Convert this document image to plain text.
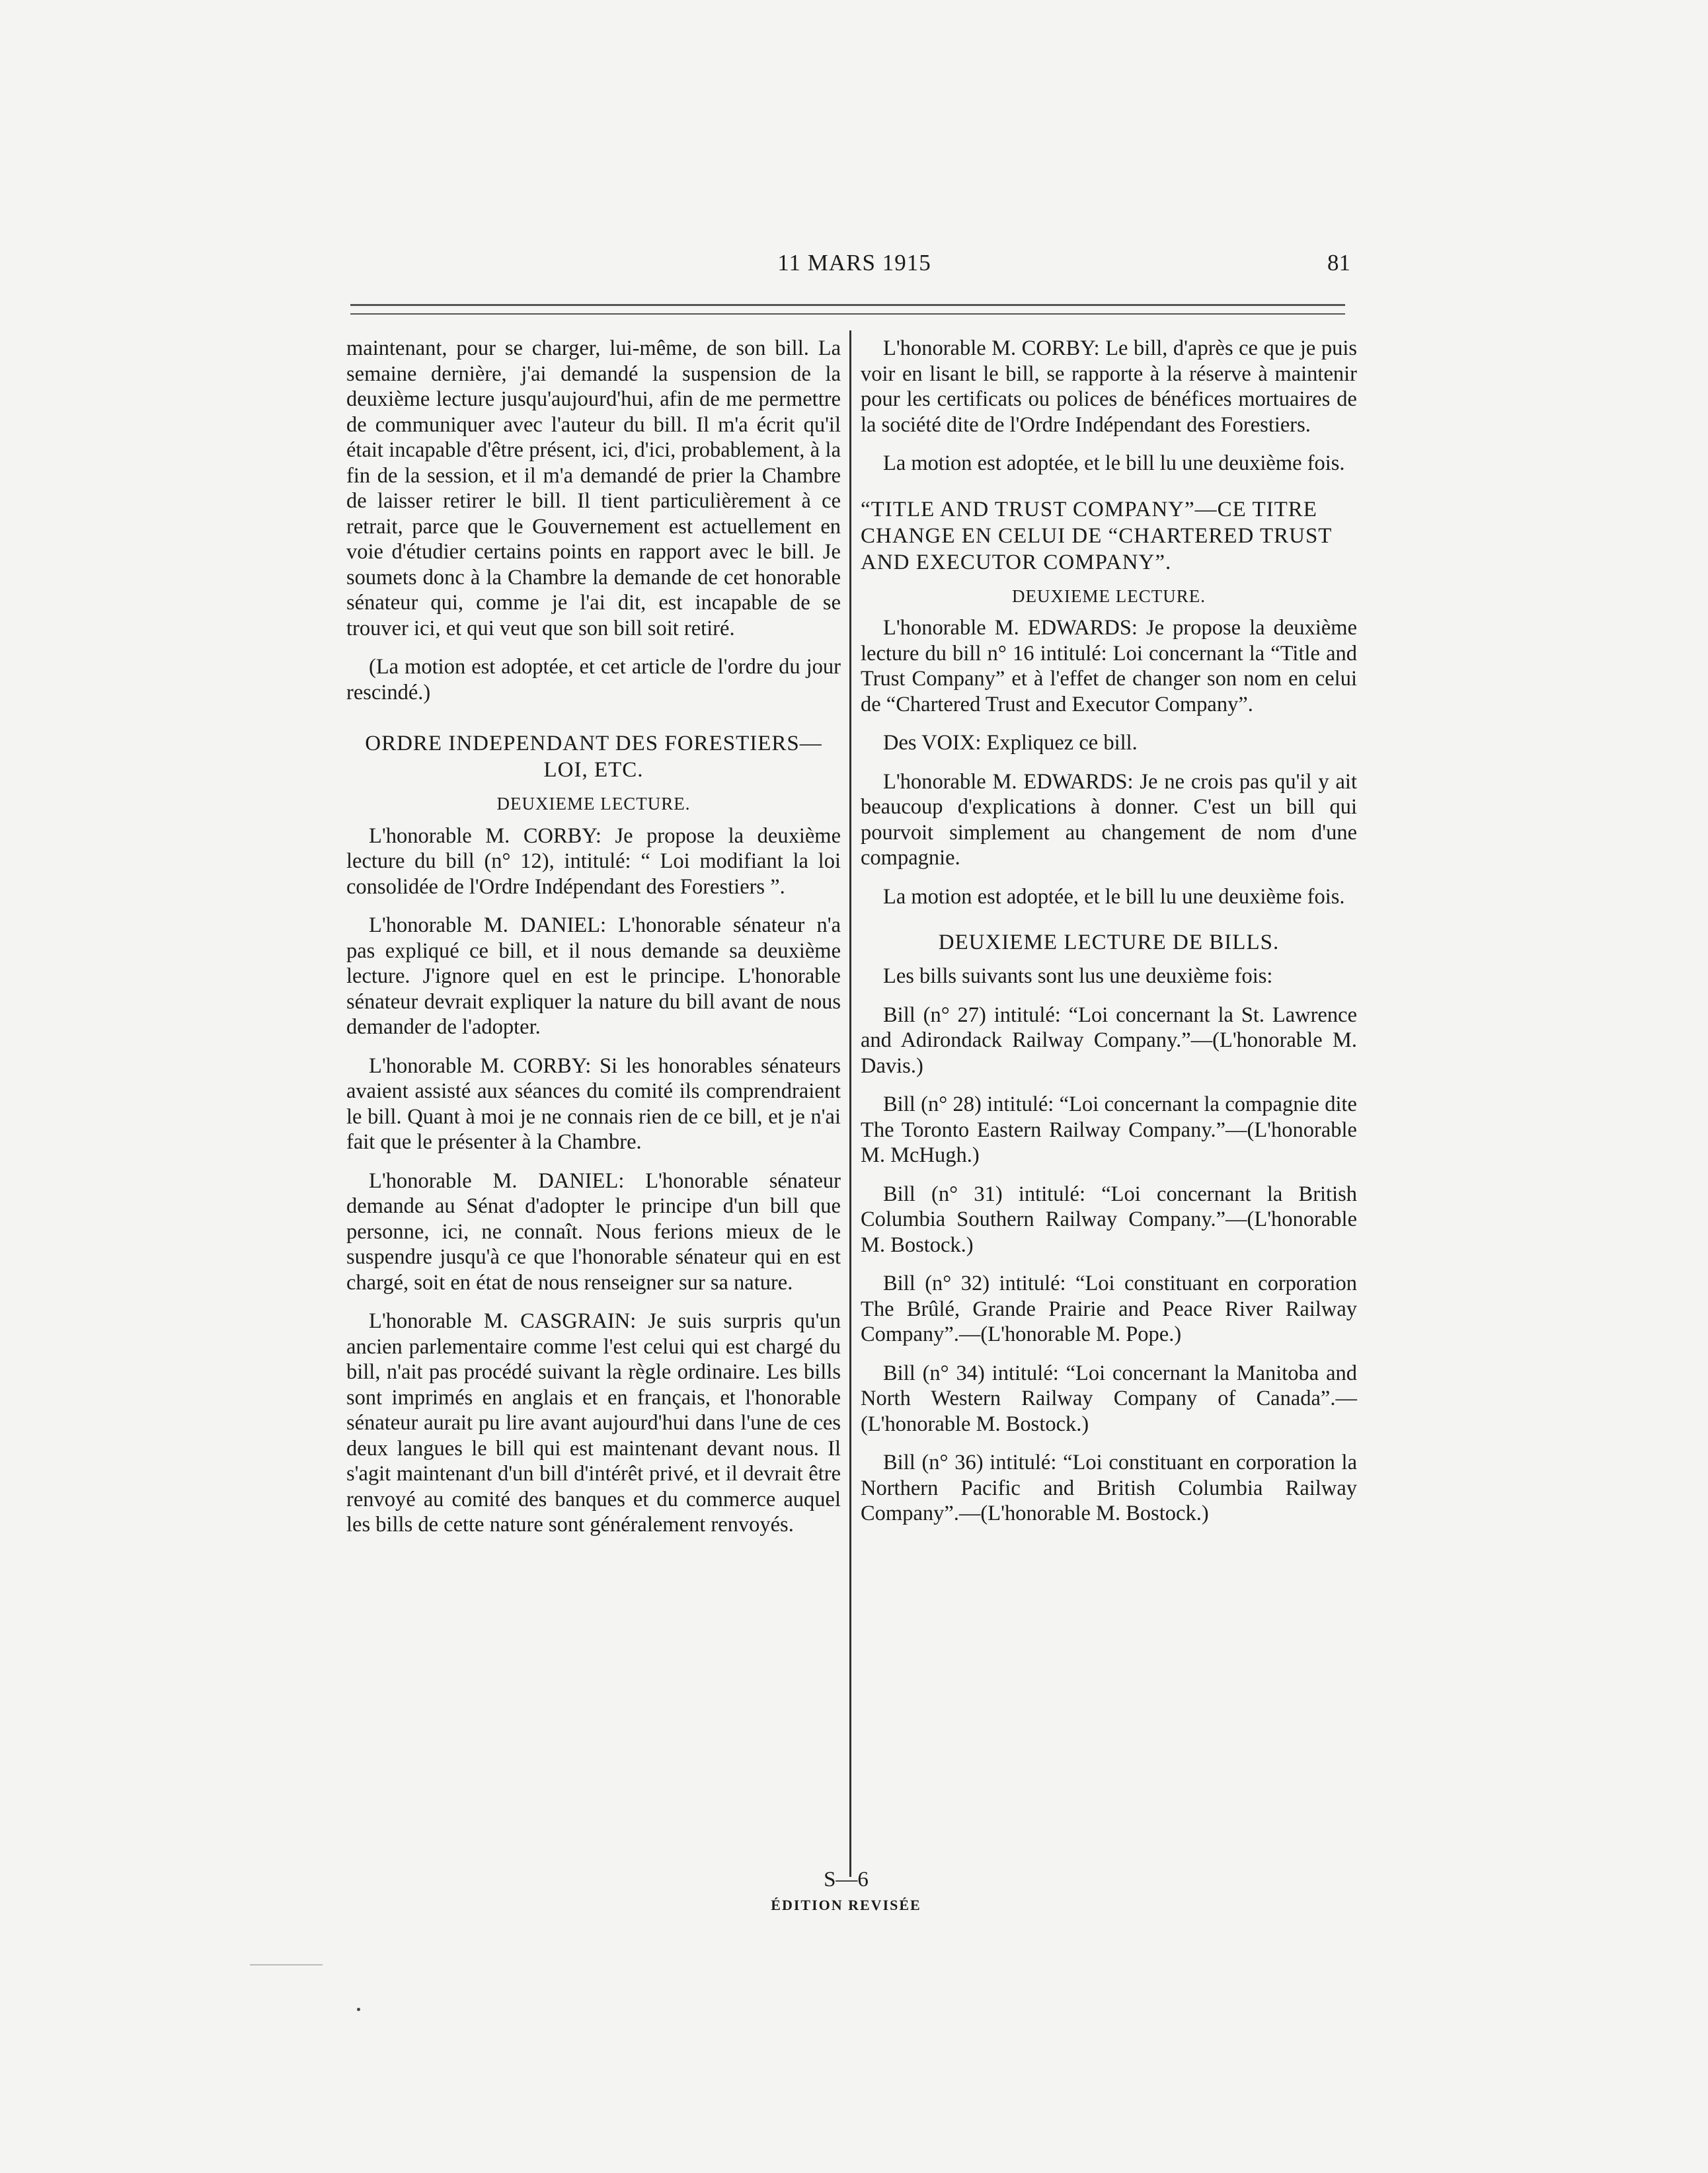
11 MARS 1915	81

maintenant, pour se charger, lui-même, de son bill. La semaine dernière, j'ai demandé la suspension de la deuxième lecture jusqu'aujourd'hui, afin de me permettre de communiquer avec l'auteur du bill. Il m'a écrit qu'il était incapable d'être présent, ici, d'ici, probablement, à la fin de la session, et il m'a demandé de prier la Chambre de laisser retirer le bill. Il tient particulièrement à ce retrait, parce que le Gouvernement est actuellement en voie d'étudier certains points en rapport avec le bill. Je soumets donc à la Chambre la demande de cet honorable sénateur qui, comme je l'ai dit, est incapable de se trouver ici, et qui veut que son bill soit retiré.

(La motion est adoptée, et cet article de l'ordre du jour rescindé.)

ORDRE INDEPENDANT DES FORESTIERS—LOI, ETC.
DEUXIEME LECTURE.

L'honorable M. CORBY: Je propose la deuxième lecture du bill (n° 12), intitulé: “ Loi modifiant la loi consolidée de l'Ordre Indépendant des Forestiers ”.

L'honorable M. DANIEL: L'honorable sénateur n'a pas expliqué ce bill, et il nous demande sa deuxième lecture. J'ignore quel en est le principe. L'honorable sénateur devrait expliquer la nature du bill avant de nous demander de l'adopter.

L'honorable M. CORBY: Si les honorables sénateurs avaient assisté aux séances du comité ils comprendraient le bill. Quant à moi je ne connais rien de ce bill, et je n'ai fait que le présenter à la Chambre.

L'honorable M. DANIEL: L'honorable sénateur demande au Sénat d'adopter le principe d'un bill que personne, ici, ne connaît. Nous ferions mieux de le suspendre jusqu'à ce que l'honorable sénateur qui en est chargé, soit en état de nous renseigner sur sa nature.

L'honorable M. CASGRAIN: Je suis surpris qu'un ancien parlementaire comme l'est celui qui est chargé du bill, n'ait pas procédé suivant la règle ordinaire. Les bills sont imprimés en anglais et en français, et l'honorable sénateur aurait pu lire avant aujourd'hui dans l'une de ces deux langues le bill qui est maintenant devant nous. Il s'agit maintenant d'un bill d'intérêt privé, et il devrait être renvoyé au comité des banques et du commerce auquel les bills de cette nature sont généralement renvoyés.

L'honorable M. CORBY: Le bill, d'après ce que je puis voir en lisant le bill, se rapporte à la réserve à maintenir pour les certificats ou polices de bénéfices mortuaires de la société dite de l'Ordre Indépendant des Forestiers.

La motion est adoptée, et le bill lu une deuxième fois.

“TITLE AND TRUST COMPANY”—CE TITRE CHANGE EN CELUI DE “CHARTERED TRUST AND EXECUTOR COMPANY”.
DEUXIEME LECTURE.

L'honorable M. EDWARDS: Je propose la deuxième lecture du bill n° 16 intitulé: Loi concernant la “Title and Trust Company” et à l'effet de changer son nom en celui de “Chartered Trust and Executor Company”.

Des VOIX: Expliquez ce bill.

L'honorable M. EDWARDS: Je ne crois pas qu'il y ait beaucoup d'explications à donner. C'est un bill qui pourvoit simplement au changement de nom d'une compagnie.

La motion est adoptée, et le bill lu une deuxième fois.

DEUXIEME LECTURE DE BILLS.

Les bills suivants sont lus une deuxième fois:

Bill (n° 27) intitulé: “Loi concernant la St. Lawrence and Adirondack Railway Company.”—(L'honorable M. Davis.)

Bill (n° 28) intitulé: “Loi concernant la compagnie dite The Toronto Eastern Railway Company.”—(L'honorable M. McHugh.)

Bill (n° 31) intitulé: “Loi concernant la British Columbia Southern Railway Company.”—(L'honorable M. Bostock.)

Bill (n° 32) intitulé: “Loi constituant en corporation The Brûlé, Grande Prairie and Peace River Railway Company”.—(L'honorable M. Pope.)

Bill (n° 34) intitulé: “Loi concernant la Manitoba and North Western Railway Company of Canada”.—(L'honorable M. Bostock.)

Bill (n° 36) intitulé: “Loi constituant en corporation la Northern Pacific and British Columbia Railway Company”.—(L'honorable M. Bostock.)

S—6
ÉDITION REVISÉE
